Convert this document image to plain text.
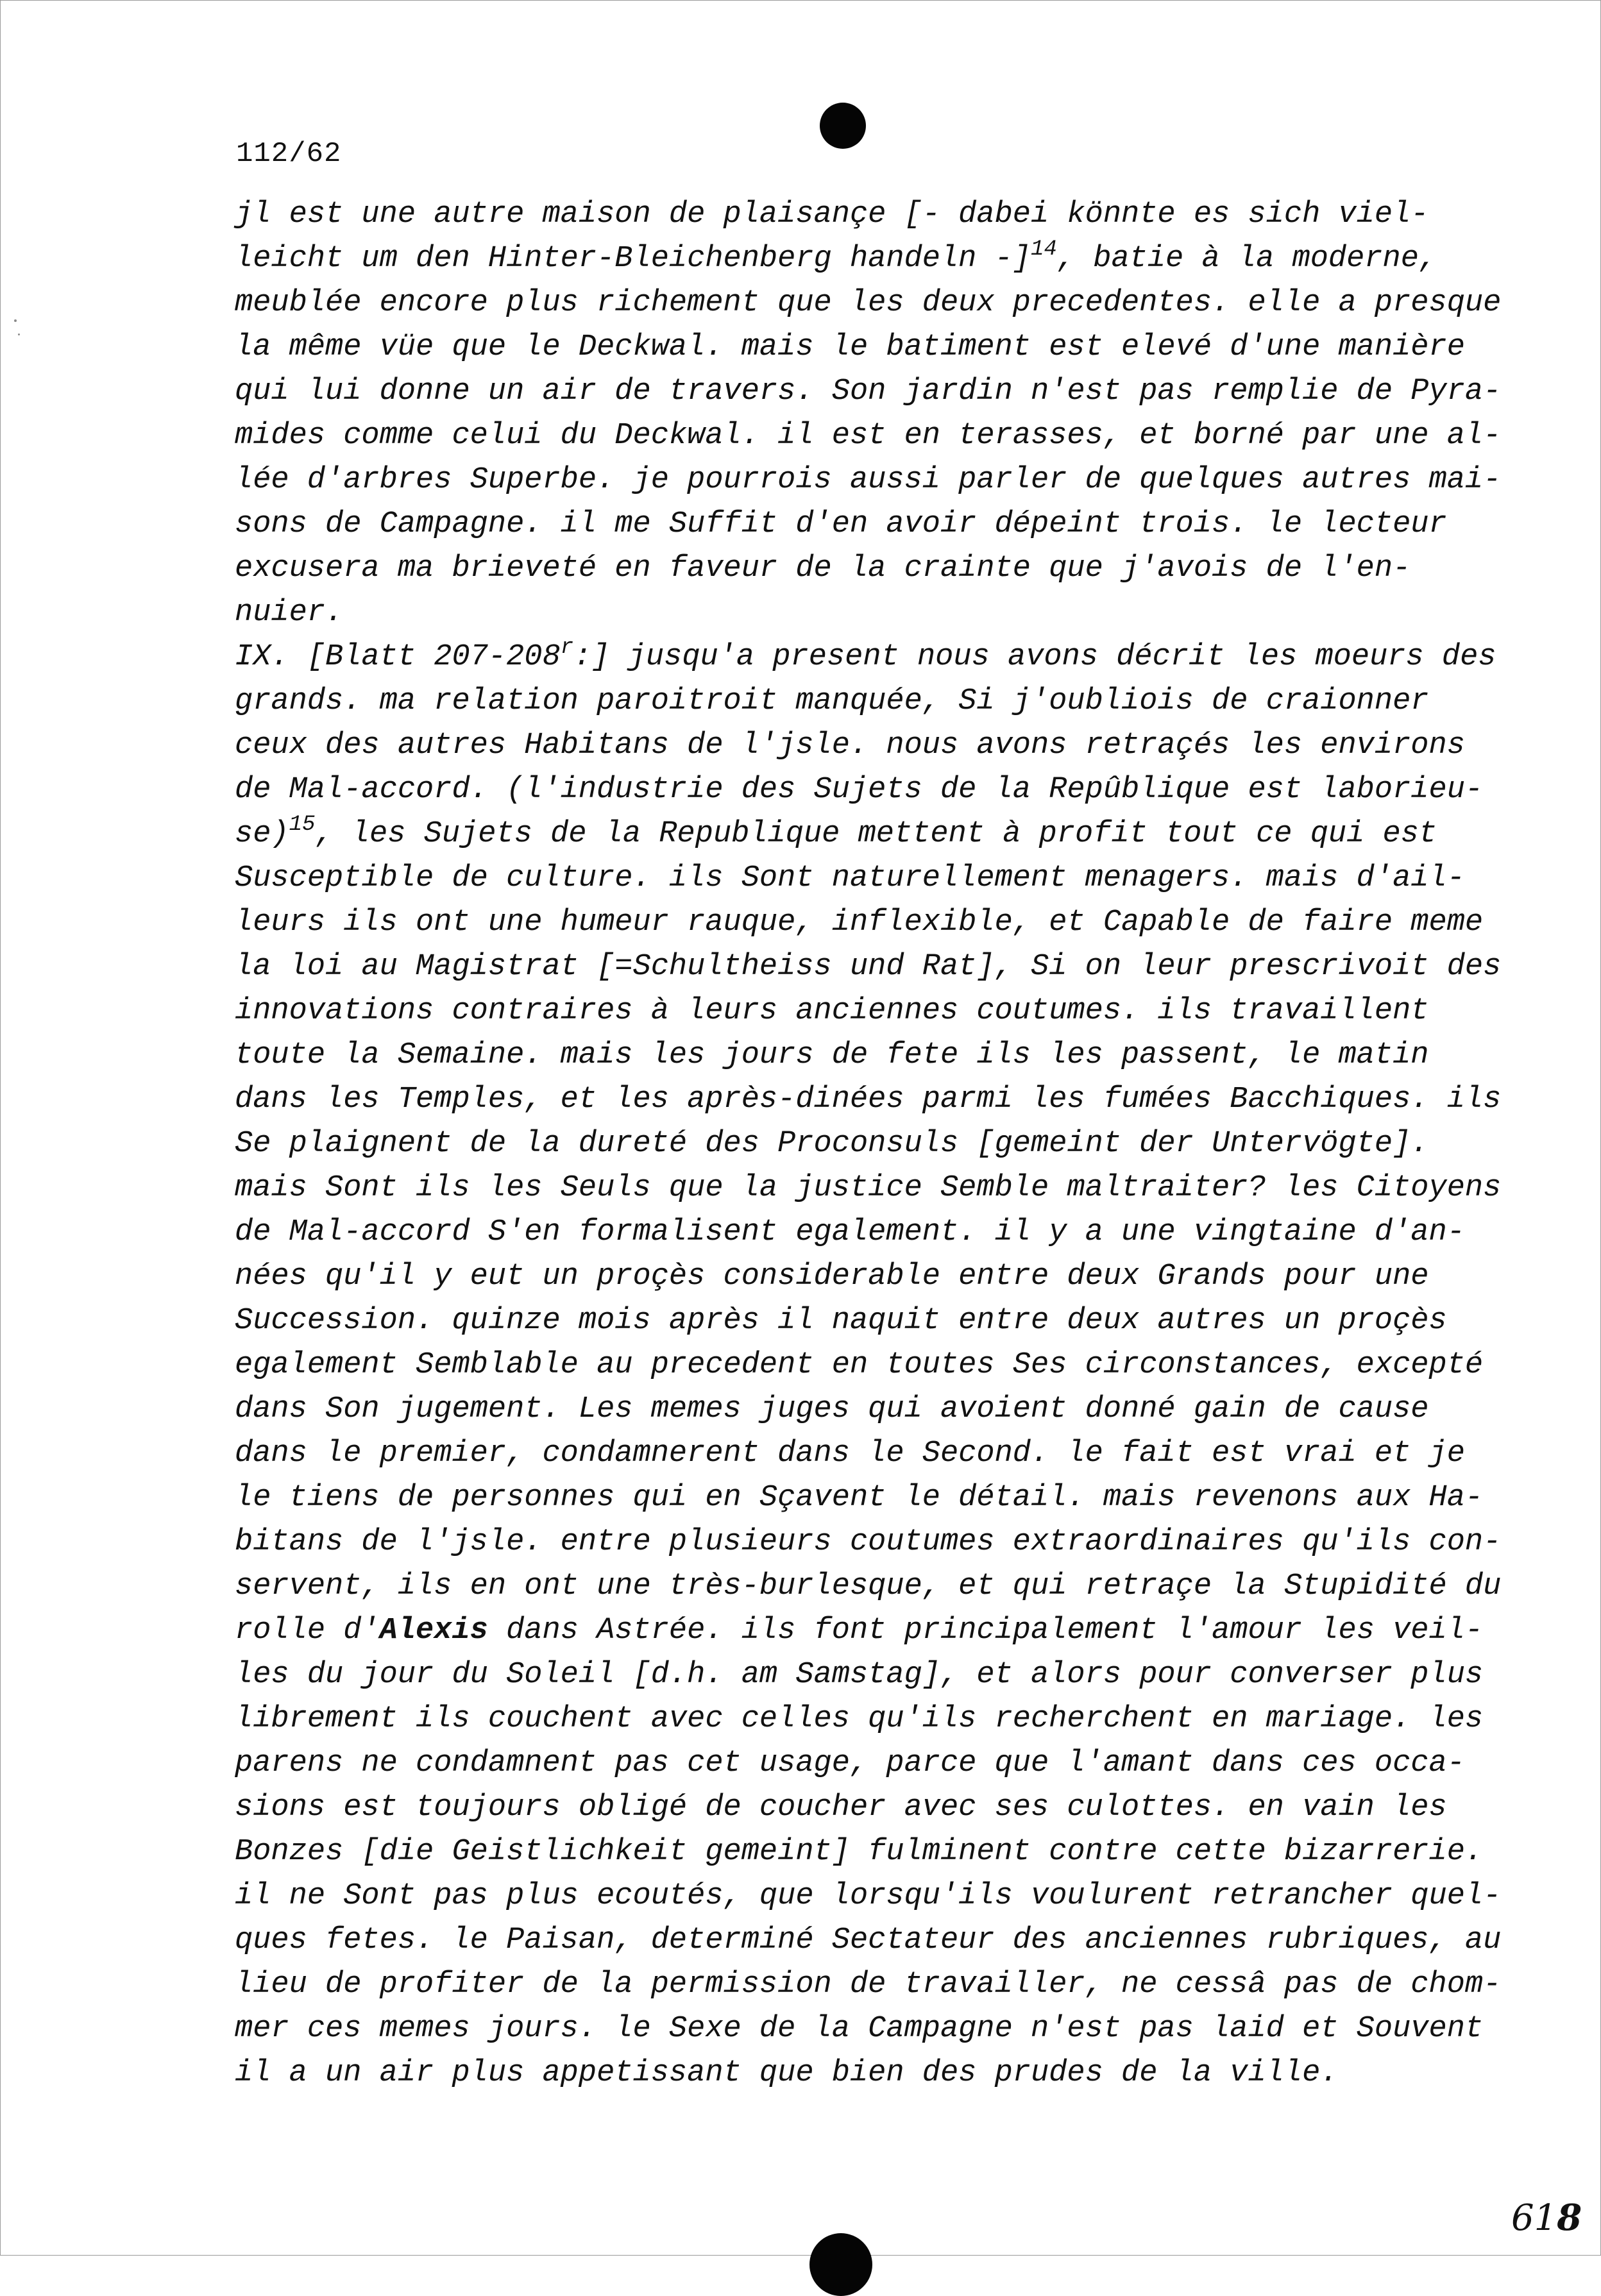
112/62
jl est une autre maison de plaisançe [- dabei könnte es sich viel-
leicht um den Hinter-Bleichenberg handeln -]$^{14}$, batie à la moderne,
meublée encore plus richement que les deux precedentes. elle a presque
la même vüe que le Deckwal. mais le batiment est elevé d'une manière
qui lui donne un air de travers. Son jardin n'est pas remplie de Pyra-
mides comme celui du Deckwal. il est en terasses, et borné par une al-
lée d'arbres Superbe. je pourrois aussi parler de quelques autres mai-
sons de Campagne. il me Suffit d'en avoir dépeint trois. le lecteur
excusera ma brieveté en faveur de la crainte que j'avois de l'en-
nuier.
IX. [Blatt 207-208$^r$:] jusqu'a present nous avons décrit les moeurs des
grands. ma relation paroitroit manquée, Si j'oubliois de craionner
ceux des autres Habitans de l'jsle. nous avons retraçés les environs
de Mal-accord. (l'industrie des Sujets de la Repûblique est laborieu-
se)$^{15}$, les Sujets de la Republique mettent à profit tout ce qui est
Susceptible de culture. ils Sont naturellement menagers. mais d'ail-
leurs ils ont une humeur rauque, inflexible, et Capable de faire meme
la loi au Magistrat [=Schultheiss und Rat], Si on leur prescrivoit des
innovations contraires à leurs anciennes coutumes. ils travaillent
toute la Semaine. mais les jours de fete ils les passent, le matin
dans les Temples, et les après-dinées parmi les fumées Bacchiques. ils
Se plaignent de la dureté des Proconsuls [gemeint der Untervögte].
mais Sont ils les Seuls que la justice Semble maltraiter? les Citoyens
de Mal-accord S'en formalisent egalement. il y a une vingtaine d'an-
nées qu'il y eut un proçès considerable entre deux Grands pour une
Succession. quinze mois après il naquit entre deux autres un proçès
egalement Semblable au precedent en toutes Ses circonstances, excepté
dans Son jugement. Les memes juges qui avoient donné gain de cause
dans le premier, condamnerent dans le Second. le fait est vrai et je
le tiens de personnes qui en Sçavent le détail. mais revenons aux Ha-
bitans de l'jsle. entre plusieurs coutumes extraordinaires qu'ils con-
servent, ils en ont une très-burlesque, et qui retraçe la Stupidité du
rolle d'Alexis dans Astrée. ils font principalement l'amour les veil-
les du jour du Soleil [d.h. am Samstag], et alors pour converser plus
librement ils couchent avec celles qu'ils recherchent en mariage. les
parens ne condamnent pas cet usage, parce que l'amant dans ces occa-
sions est toujours obligé de coucher avec ses culottes. en vain les
Bonzes [die Geistlichkeit gemeint] fulminent contre cette bizarrerie.
il ne Sont pas plus ecoutés, que lorsqu'ils voulurent retrancher quel-
ques fetes. le Paisan, determiné Sectateur des anciennes rubriques, au
lieu de profiter de la permission de travailler, ne cessâ pas de chom-
mer ces memes jours. le Sexe de la Campagne n'est pas laid et Souvent
il a un air plus appetissant que bien des prudes de la ville.
618
